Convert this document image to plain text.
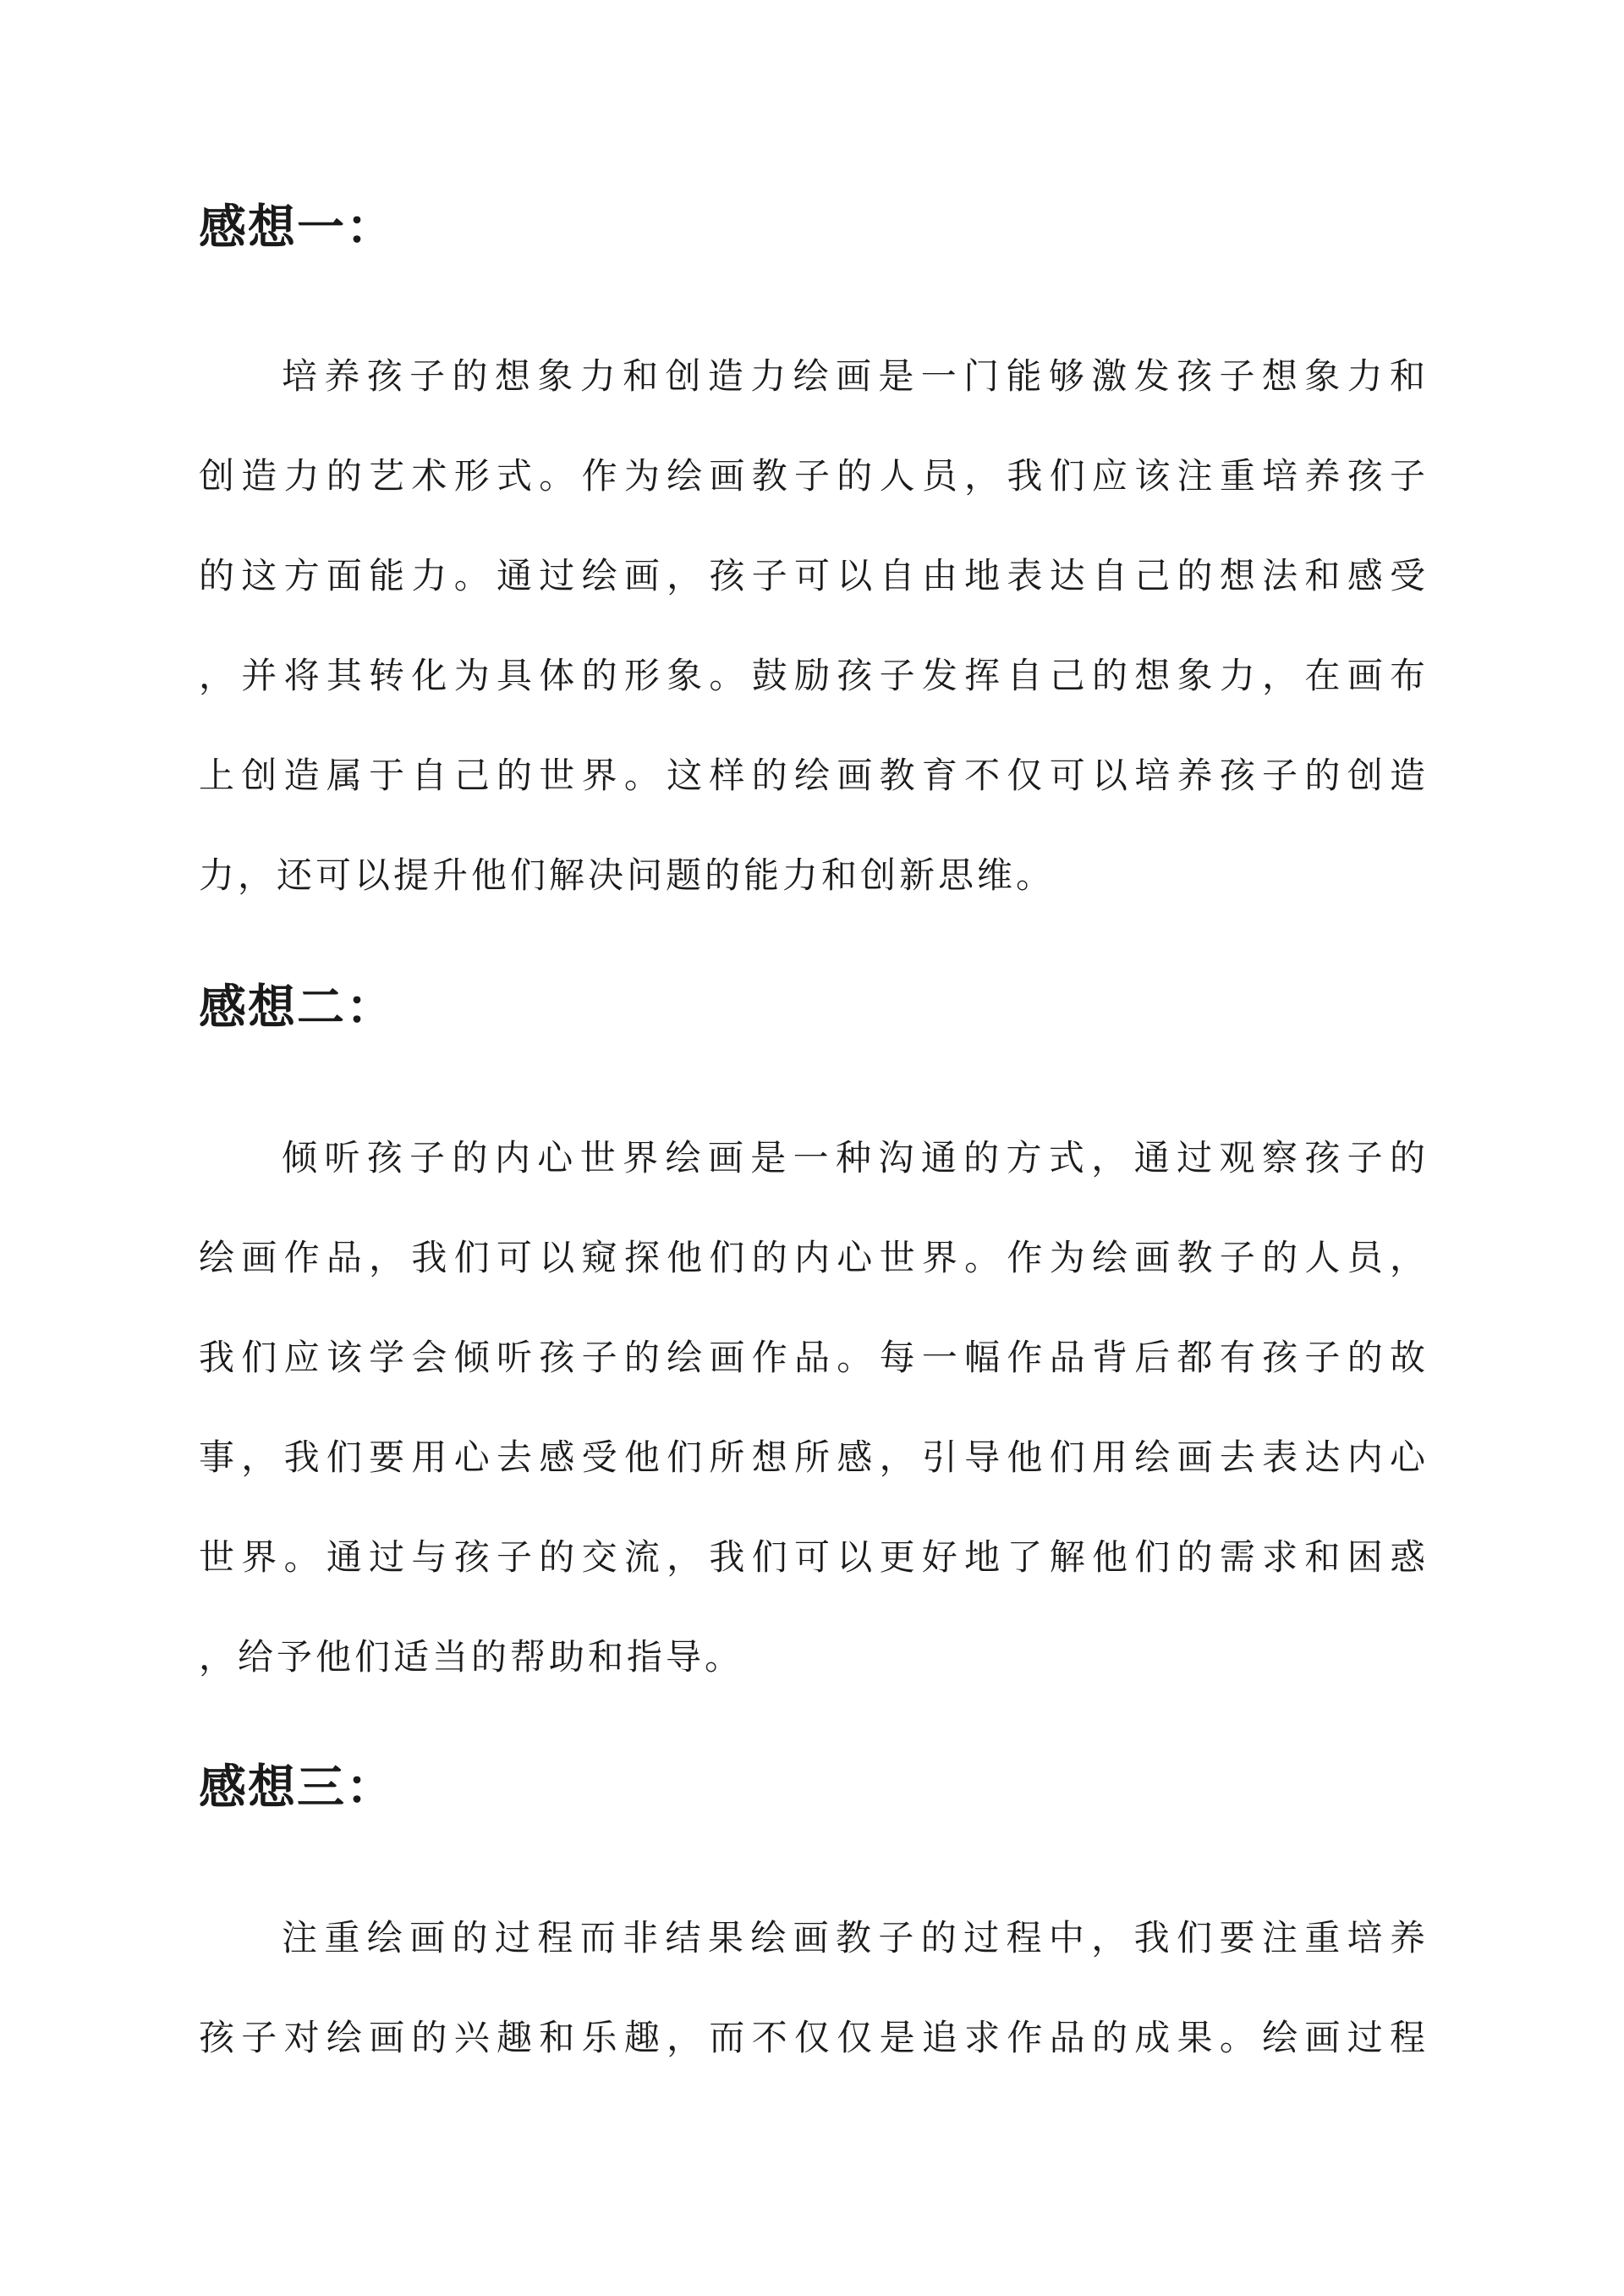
感想一：
培养孩子的想象力和创造力绘画是一门能够激发孩子想象力和
创造力的艺术形式。作为绘画教子的人员，我们应该注重培养孩子
的这方面能力。通过绘画，孩子可以自由地表达自己的想法和感受
，并将其转化为具体的形象。鼓励孩子发挥自己的想象力，在画布
上创造属于自己的世界。这样的绘画教育不仅可以培养孩子的创造
力，还可以提升他们解决问题的能力和创新思维。
感想二：
倾听孩子的内心世界绘画是一种沟通的方式，通过观察孩子的
绘画作品，我们可以窥探他们的内心世界。作为绘画教子的人员，
我们应该学会倾听孩子的绘画作品。每一幅作品背后都有孩子的故
事，我们要用心去感受他们所想所感，引导他们用绘画去表达内心
世界。通过与孩子的交流，我们可以更好地了解他们的需求和困惑
，给予他们适当的帮助和指导。
感想三：
注重绘画的过程而非结果绘画教子的过程中，我们要注重培养
孩子对绘画的兴趣和乐趣，而不仅仅是追求作品的成果。绘画过程
